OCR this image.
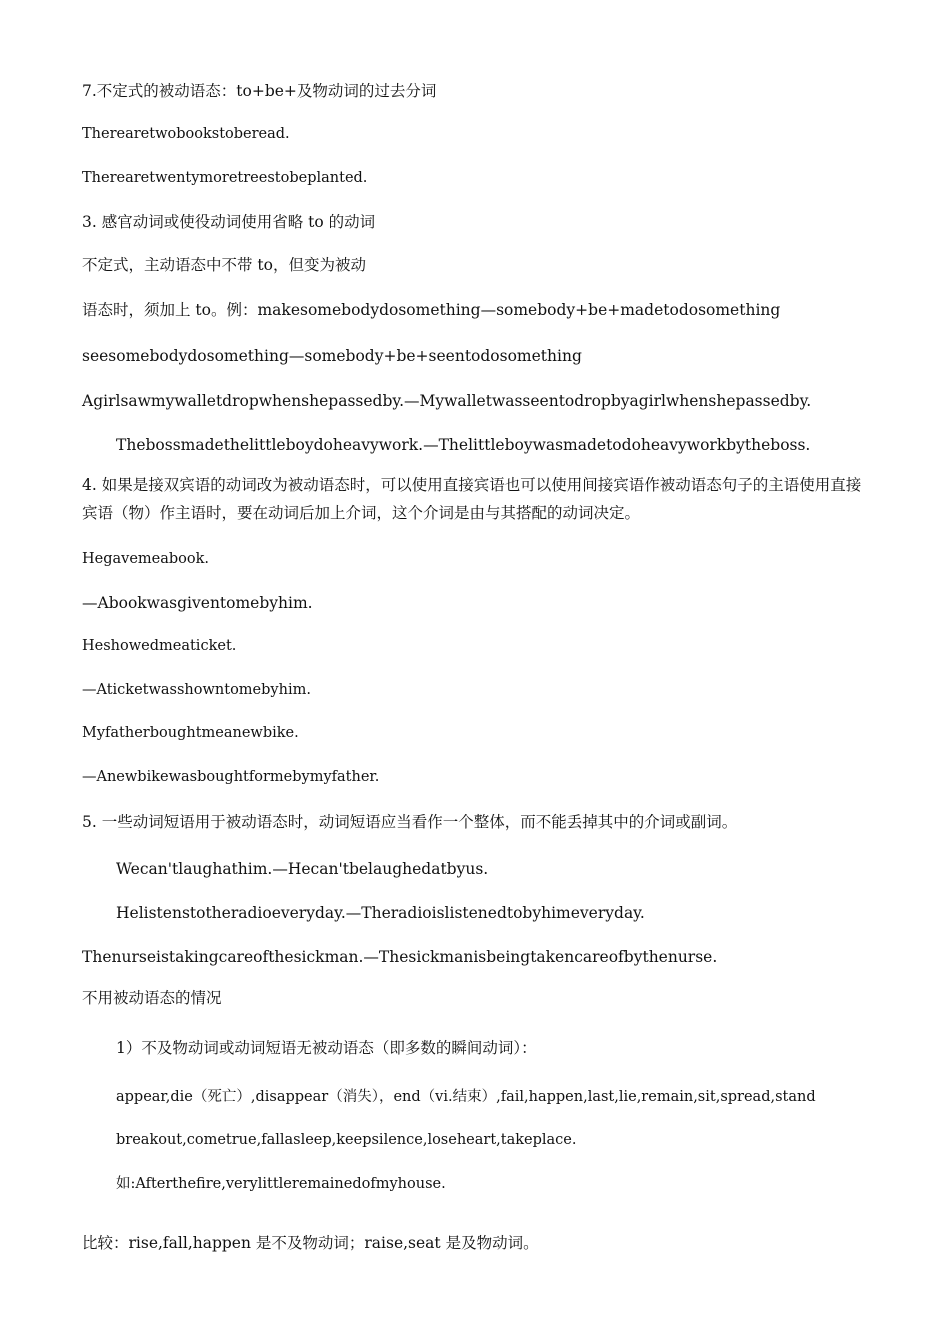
7.不定式的被动语态：to+be+及物动词的过去分词
Therearetwobookstoberead.
Therearetwentymoretreestobeplanted.
3. 感官动词或使役动词使用省略 to 的动词
不定式，主动语态中不带 to，但变为被动
语态时，须加上 to。例：makesomebodydosomething—somebody+be+madetodosomething
seesomebodydosomething—somebody+be+seentodosomething
Agirlsawmywalletdropwhenshepassedby.—Mywalletwasseentodropbyagirlwhenshepassedby.
Thebossmadethelittleboydoheavywork.—Thelittleboywasmadetodoheavyworkbytheboss.
4. 如果是接双宾语的动词改为被动语态时，可以使用直接宾语也可以使用间接宾语作被动语态句子的主语使用直接宾语（物）作主语时，要在动词后加上介词，这个介词是由与其搭配的动词决定。
Hegavemeabook.
—Abookwasgiventomebyhim.
Heshowedmeaticket.
—Aticketwasshowntomebyhim.
Myfatherboughtmeanewbike.
—Anewbikewasboughtformebymyfather.
5. 一些动词短语用于被动语态时，动词短语应当看作一个整体，而不能丢掉其中的介词或副词。
Wecan'tlaughathim.—Hecan'tbelaughedatbyus.
Helistenstotheradioeveryday.—Theradioislistenedtobyhimeveryday.
Thenurseistakingcareofthesickman.—Thesickmanisbeingtakencareofbythenurse.
不用被动语态的情况
1）不及物动词或动词短语无被动语态（即多数的瞬间动词）：
appear,die（死亡）,disappear（消失），end（vi.结束）,fail,happen,last,lie,remain,sit,spread,stand
breakout,cometrue,fallasleep,keepsilence,loseheart,takeplace.
如:Afterthefire,verylittleremainedofmyhouse.
比较：rise,fall,happen 是不及物动词；raise,seat 是及物动词。
